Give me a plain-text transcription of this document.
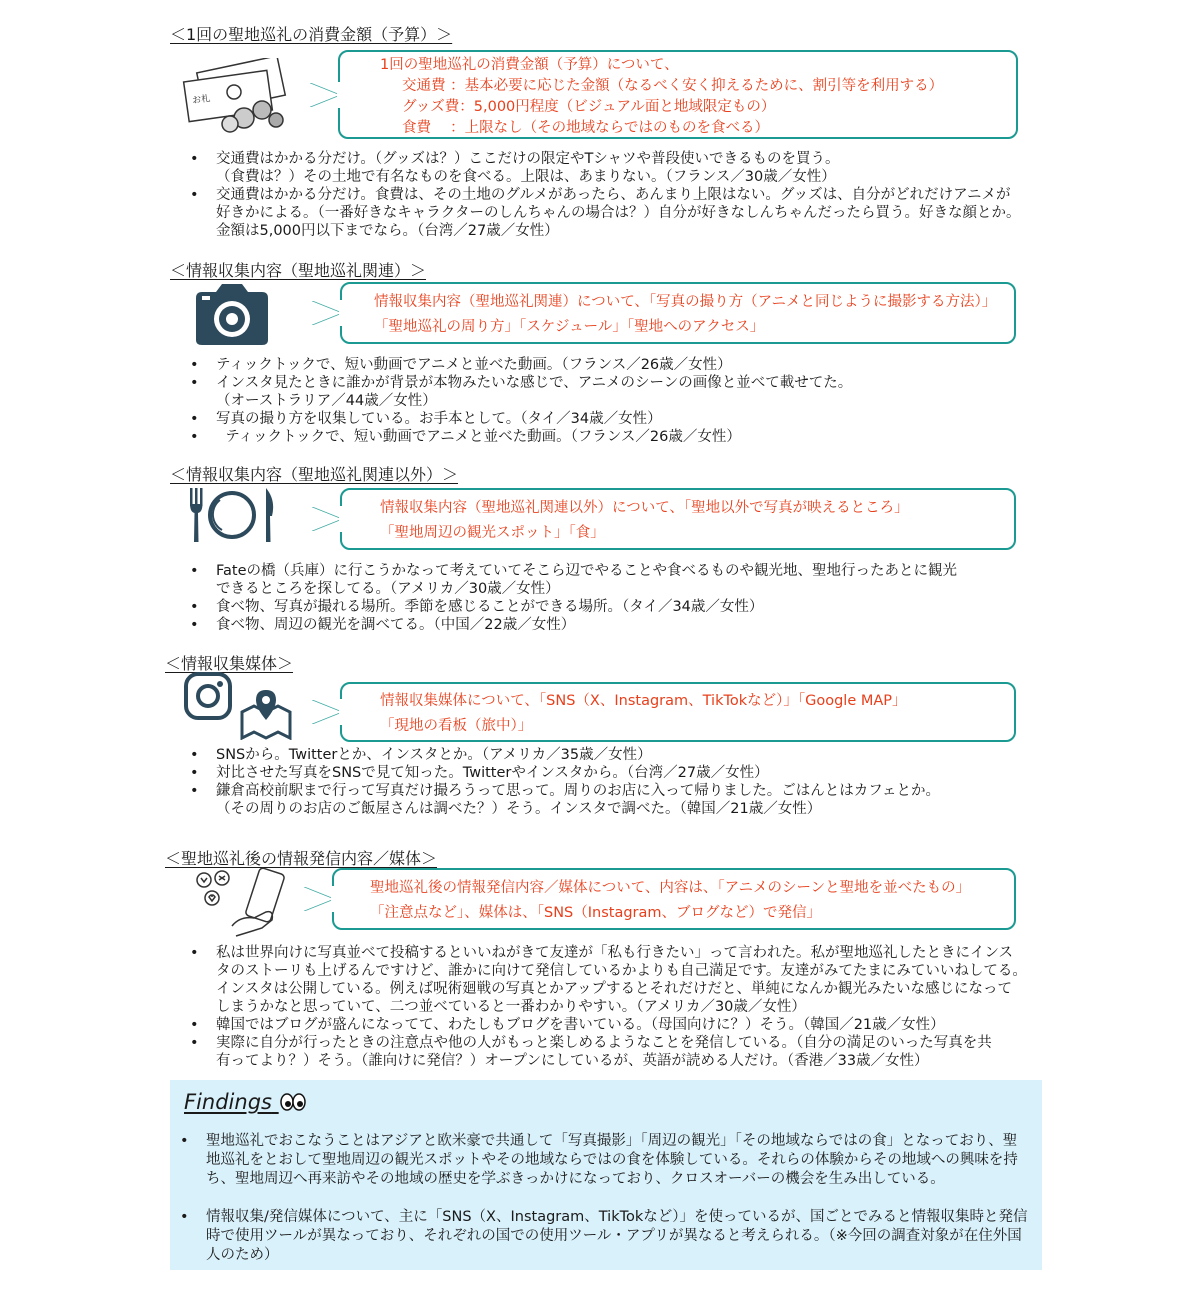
＜1回の聖地巡礼の消費金額（予算）＞
お札
1回の聖地巡礼の消費金額（予算）について、
交通費 ：基本必要に応じた金額（なるべく安く抑えるために、割引等を利用する）
グッズ費：5,000円程度（ビジュアル面と地域限定もの）
食費　 ：上限なし（その地域ならではのものを食べる）
• 交通費はかかる分だけ。（グッズは？）ここだけの限定やTシャツや普段使いできるものを買う。
（食費は？）その土地で有名なものを食べる。上限は、あまりない。（フランス／30歳／女性）
• 交通費はかかる分だけ。食費は、その土地のグルメがあったら、あんまり上限はない。グッズは、自分がどれだけアニメが
好きかによる。（一番好きなキャラクターのしんちゃんの場合は？）自分が好きなしんちゃんだったら買う。好きな顔とか。
金額は5,000円以下までなら。（台湾／27歳／女性）
＜情報収集内容（聖地巡礼関連）＞
情報収集内容（聖地巡礼関連）について、「写真の撮り方（アニメと同じように撮影する方法）」
「聖地巡礼の周り方」「スケジュール」「聖地へのアクセス」
• ティックトックで、短い動画でアニメと並べた動画。（フランス／26歳／女性）
• インスタ見たときに誰かが背景が本物みたいな感じで、アニメのシーンの画像と並べて載せてた。
（オーストラリア／44歳／女性）
• 写真の撮り方を収集している。お手本として。（タイ／34歳／女性）
•   ティックトックで、短い動画でアニメと並べた動画。（フランス／26歳／女性）
＜情報収集内容（聖地巡礼関連以外）＞
情報収集内容（聖地巡礼関連以外）について、「聖地以外で写真が映えるところ」
「聖地周辺の観光スポット」「食」
• Fateの橋（兵庫）に行こうかなって考えていてそこら辺でやることや食べるものや観光地、聖地行ったあとに観光
できるところを探してる。（アメリカ／30歳／女性）
• 食べ物、写真が撮れる場所。季節を感じることができる場所。（タイ／34歳／女性）
• 食べ物、周辺の観光を調べてる。（中国／22歳／女性）
＜情報収集媒体＞
情報収集媒体について、「SNS（X、Instagram、TikTokなど）」「Google MAP」
「現地の看板（旅中）」
• SNSから。Twitterとか、インスタとか。（アメリカ／35歳／女性）
• 対比させた写真をSNSで見て知った。Twitterやインスタから。（台湾／27歳／女性）
• 鎌倉高校前駅まで行って写真だけ撮ろうって思って。周りのお店に入って帰りました。ごはんとはカフェとか。
（その周りのお店のご飯屋さんは調べた？）そう。インスタで調べた。（韓国／21歳／女性）
＜聖地巡礼後の情報発信内容／媒体＞
聖地巡礼後の情報発信内容／媒体について、内容は、「アニメのシーンと聖地を並べたもの」
「注意点など」、媒体は、「SNS（Instagram、ブログなど）で発信」
• 私は世界向けに写真並べて投稿するといいねがきて友達が「私も行きたい」って言われた。私が聖地巡礼したときにインス
タのストーリも上げるんですけど、誰かに向けて発信しているかよりも自己満足です。友達がみてたまにみていいねしてる。
インスタは公開している。例えば呪術廻戦の写真とかアップするとそれだけだと、単純になんか観光みたいな感じになって
しまうかなと思っていて、二つ並べていると一番わかりやすい。（アメリカ／30歳／女性）
• 韓国ではブログが盛んになってて、わたしもブログを書いている。（母国向けに？）そう。（韓国／21歳／女性）
• 実際に自分が行ったときの注意点や他の人がもっと楽しめるようなことを発信している。（自分の満足のいった写真を共
有ってより？）そう。（誰向けに発信？）オープンにしているが、英語が読める人だけ。（香港／33歳／女性）
Findings
• 聖地巡礼でおこなうことはアジアと欧米豪で共通して「写真撮影」「周辺の観光」「その地域ならではの食」となっており、聖地巡礼をとおして聖地周辺の観光スポットやその地域ならではの食を体験している。それらの体験からその地域への興味を持ち、聖地周辺へ再来訪やその地域の歴史を学ぶきっかけになっており、クロスオーバーの機会を生み出している。
• 情報収集/発信媒体について、主に「SNS（X、Instagram、TikTokなど）」を使っているが、国ごとでみると情報収集時と発信時で使用ツールが異なっており、それぞれの国での使用ツール・アプリが異なると考えられる。（※今回の調査対象が在住外国人のため）
